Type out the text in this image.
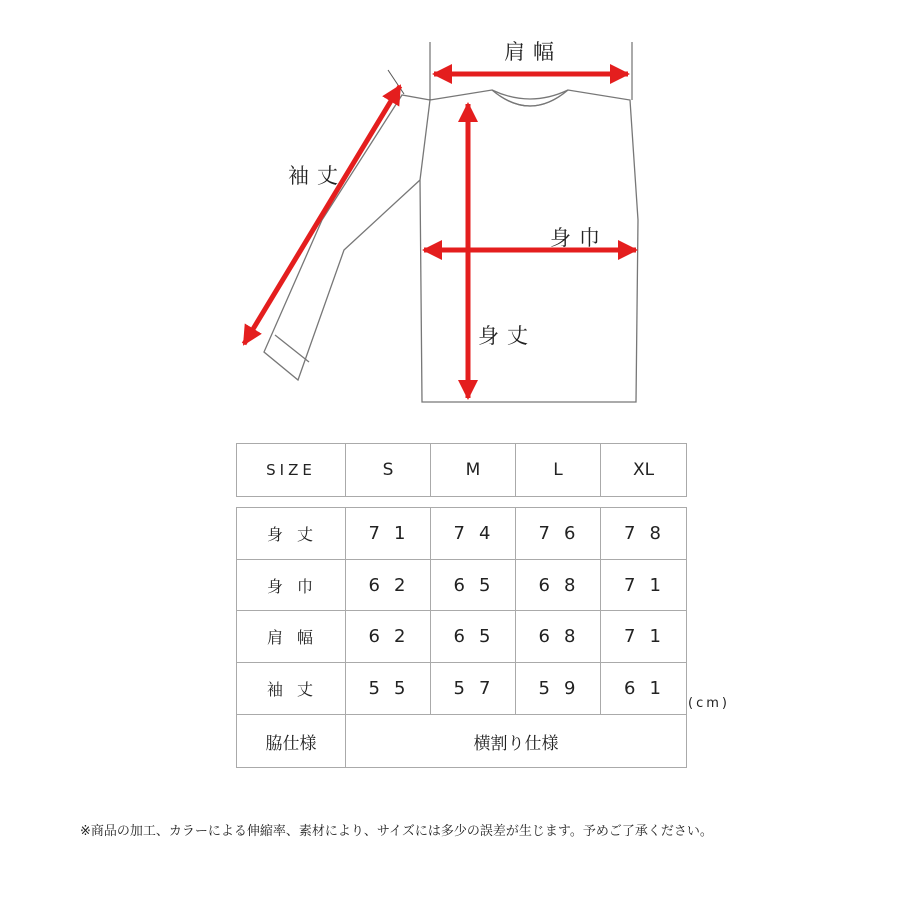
肩幅
袖丈
身巾
身丈
SIZE	S	M	L	XL
身丈	71	74	76	78
身巾	62	65	68	71
肩幅	62	65	68	71
袖丈	55	57	59	61
脇仕様	横割り仕様			
(cm)
※商品の加工、カラーによる伸縮率、素材により、サイズには多少の誤差が生じます。予めご了承ください。
